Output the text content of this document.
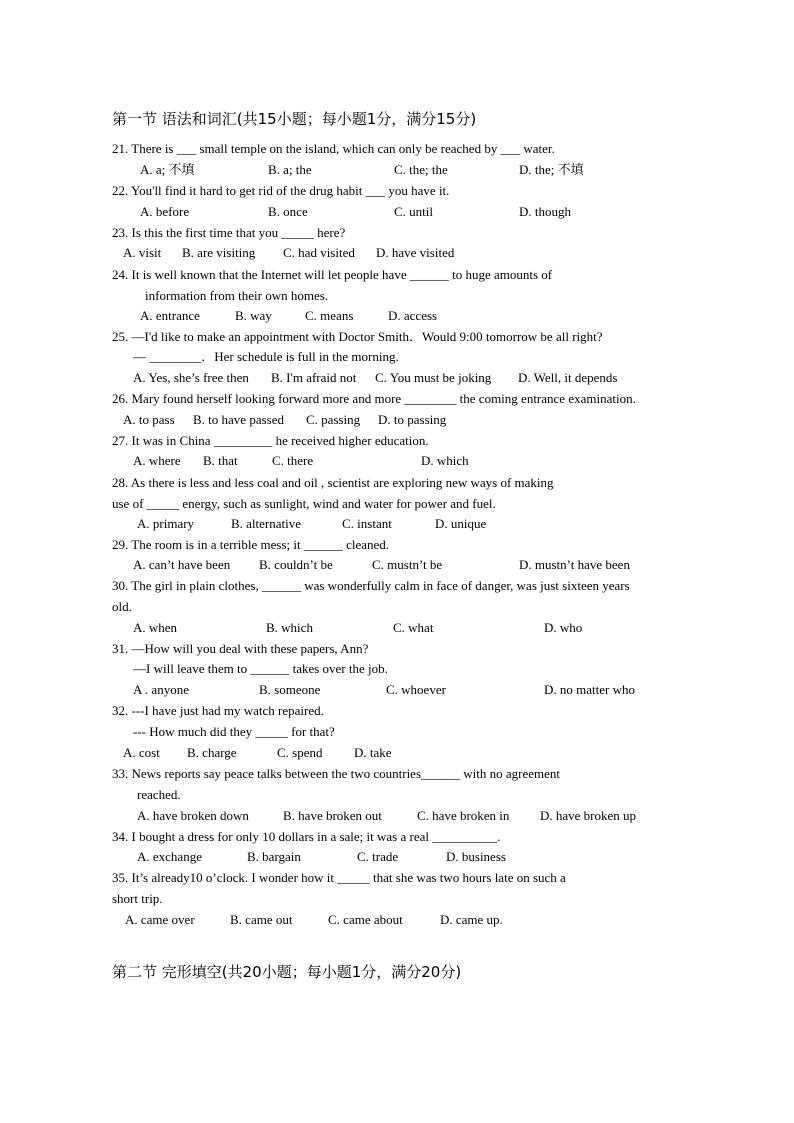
第一节 语法和词汇(共15小题；每小题1分，满分15分)
21. There is ___ small temple on the island, which can only be reached by ___ water.
A. a; 不填	B. a; the	C. the; the	D. the; 不填
22. You'll find it hard to get rid of the drug habit ___ you have it.
A. before	B. once	C. until	D. though
23. Is this the first time that you _____ here?
A. visit B. are visiting C. had visited D. have visited
24. It is well known that the Internet will let people have ______ to huge amounts of
information from their own homes.
A. entrance	B. way	C. means	D. access
25. —I'd like to make an appointment with Doctor Smith．Would 9:00 tomorrow be all right?
— ________．Her schedule is full in the morning.
A. Yes, she’s free then B. I'm afraid not C. You must be joking D. Well, it depends
26. Mary found herself looking forward more and more ________ the coming entrance examination.
A. to pass B. to have passed C. passing D. to passing
27. It was in China _________ he received higher education.
A. where B. that	C. there	D. which
28. As there is less and less coal and oil , scientist are exploring new ways of making
use of _____ energy, such as sunlight, wind and water for power and fuel.
A. primary	B. alternative	C. instant	D. unique
29. The room is in a terrible mess; it ______ cleaned.
A. can’t have been B. couldn’t be	C. mustn’t be	D. mustn’t have been
30. The girl in plain clothes, ______ was wonderfully calm in face of danger, was just sixteen years
old.
A. when	B. which	C. what	D. who
31. —How will you deal with these papers, Ann?
—I will leave them to ______ takes over the job.
A . anyone	B. someone	C. whoever	D. no matter who
32. ---I have just had my watch repaired.
--- How much did they _____ for that?
A. cost B. charge	C. spend D. take
33. News reports say peace talks between the two countries______ with no agreement
reached.
A. have broken down	B. have broken out	C. have broken in D. have broken up
34. I bought a dress for only 10 dollars in a sale; it was a real __________.
A. exchange	B. bargain	C. trade	D. business
35. It’s already10 o’clock. I wonder how it _____ that she was two hours late on such a
short trip.
A. came over	B. came out	C. came about	D. came up.
第二节 完形填空(共20小题；每小题1分，满分20分)
